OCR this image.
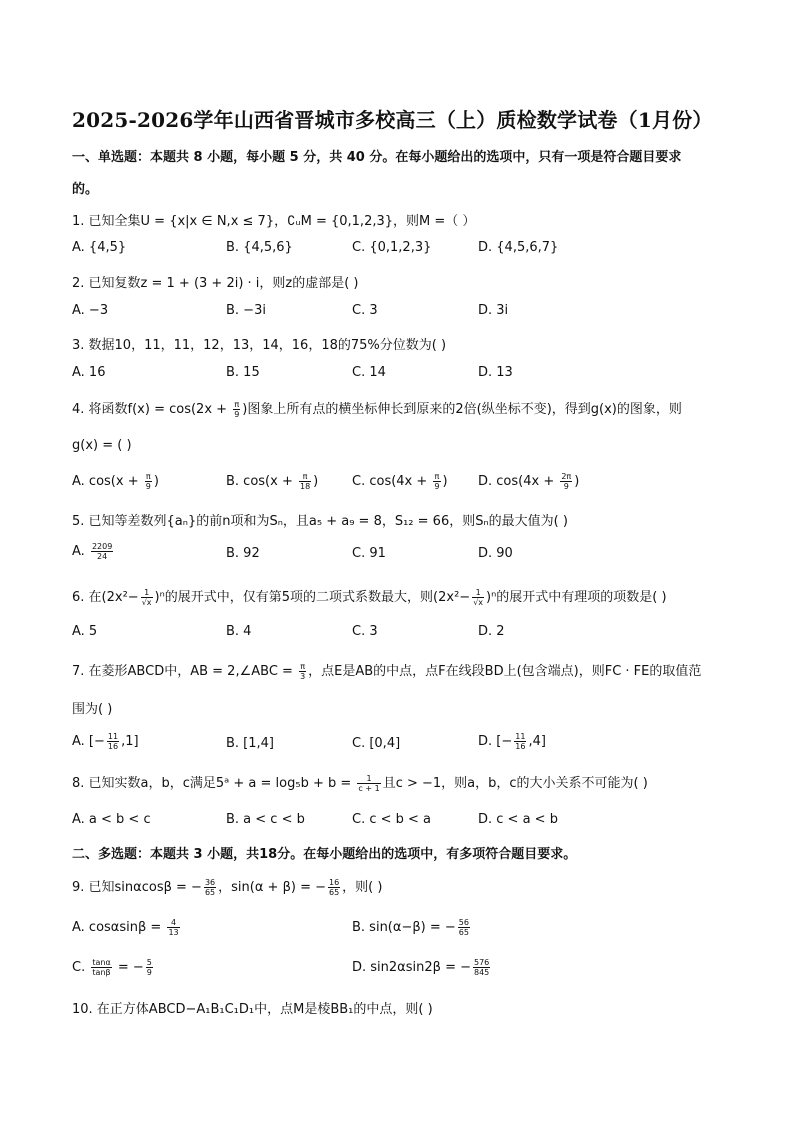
2025-2026学年山西省晋城市多校高三（上）质检数学试卷（1月份）
一、单选题：本题共 8 小题，每小题 5 分，共 40 分。在每小题给出的选项中，只有一项是符合题目要求
的。
1. 已知全集U = {x|x ∈ N,x ≤ 7}，∁ᵤM = {0,1,2,3}，则M =（ ）
A. {4,5}	B. {4,5,6}	C. {0,1,2,3}	D. {4,5,6,7}
2. 已知复数z = 1 + (3 + 2i) · i，则z的虚部是( )
A. −3	B. −3i	C. 3	D. 3i
3. 数据10，11，11，12，13，14，16，18的75%分位数为( )
A. 16	B. 15	C. 14	D. 13
4. 将函数$f(x) = \cos(2x + \frac{\pi}{9}$ )图象上所有点的横坐标伸长到原来的2倍(纵坐标不变)，得到g(x)的图象，则
g(x) = ( )
A. $\cos(x + \frac{\pi}{9}$ )	B. $\cos(x + \frac{\pi}{18}$ )	C. $\cos(4x + \frac{\pi}{9}$ ) D. $\cos(4x + \frac{2\pi}{9}$ )
5. 已知等差数列{aₙ}的前n项和为Sₙ，且a₅ + a₉ = 8，S₁₂ = 66，则Sₙ的最大值为( )
A. $\frac{2209}{24}$	B. 92	C. 91	D. 90
6. 在$(2x^2- \frac{1}{√x} )^n$的展开式中，仅有第5项的二项式系数最大，则$(2x^2- \frac{1}{√x} )^n$的展开式中有理项的项数是( )
A. 5	B. 4	C. 3	D. 2
7. 在菱形ABCD中，AB = 2,∠ABC = $\frac{\pi}{3}$ ，点E是AB的中点，点F在线段BD上(包含端点)，则FC · FE的取值范
围为( )
A. [− $\frac{11}{16} ,1$]	B. [1,4]	C. [0,4]	D. [− $\frac{11}{16} ,4$]
8. 已知实数a，b，c满足5ᵃ + $a = \log_5b + b = \frac{1}{c + 1}$ 且c > −1，则a，b，c的大小关系不可能为( )
A. a < b < c	B. a < c < b	C. c < b < a	D. c < a < b
二、多选题：本题共 3 小题，共18分。在每小题给出的选项中，有多项符合题目要求。
9. 已知sinαcosβ = − $\frac{36}{65}$ ，sin(α + β) = − $\frac{16}{65}$ ，则( )
A. $\cos\alpha\sin\beta = \frac{4}{13}$	B. sin(α−β) = − $\frac{56}{65}$
C. $\frac{\tan\alpha}{\tan\beta}$ = − $\frac{5}{9}$	D. sin2αsin2β = − $\frac{576}{845}$
10. 在正方体ABCD−A₁B₁C₁D₁中，点M是棱BB₁的中点，则( )
